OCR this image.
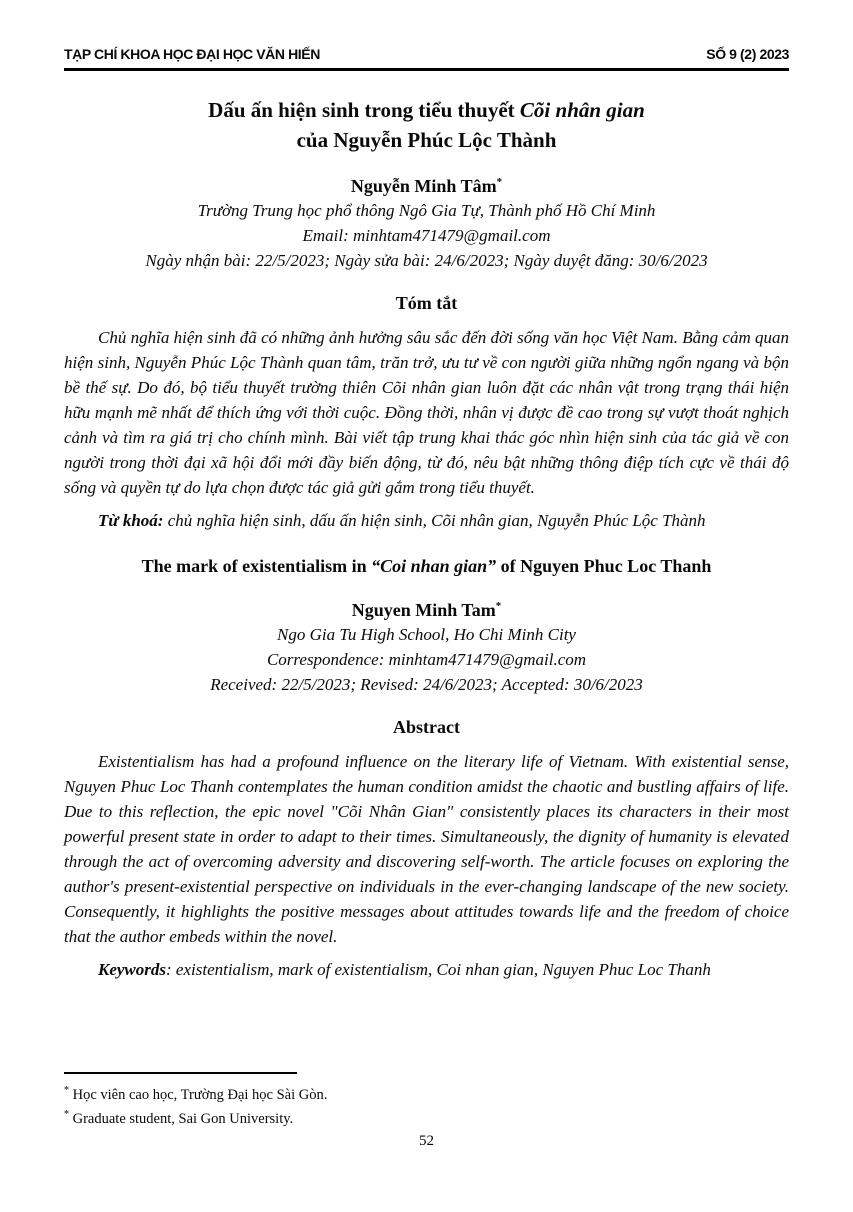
TẠP CHÍ KHOA HỌC ĐẠI HỌC VĂN HIẾN	SỐ 9 (2) 2023
Dấu ấn hiện sinh trong tiểu thuyết Cõi nhân gian
của Nguyễn Phúc Lộc Thành
Nguyễn Minh Tâm*
Trường Trung học phổ thông Ngô Gia Tự, Thành phố Hồ Chí Minh
Email: minhtam471479@gmail.com
Ngày nhận bài: 22/5/2023; Ngày sửa bài: 24/6/2023; Ngày duyệt đăng: 30/6/2023
Tóm tắt

Chủ nghĩa hiện sinh đã có những ảnh hưởng sâu sắc đến đời sống văn học Việt Nam. Bằng cảm quan hiện sinh, Nguyễn Phúc Lộc Thành quan tâm, trăn trở, ưu tư về con người giữa những ngổn ngang và bộn bề thế sự. Do đó, bộ tiểu thuyết trường thiên Cõi nhân gian luôn đặt các nhân vật trong trạng thái hiện hữu mạnh mẽ nhất để thích ứng với thời cuộc. Đồng thời, nhân vị được đề cao trong sự vượt thoát nghịch cảnh và tìm ra giá trị cho chính mình. Bài viết tập trung khai thác góc nhìn hiện sinh của tác giả về con người trong thời đại xã hội đổi mới đầy biến động, từ đó, nêu bật những thông điệp tích cực về thái độ sống và quyền tự do lựa chọn được tác giả gửi gắm trong tiểu thuyết.

Từ khoá: chủ nghĩa hiện sinh, dấu ấn hiện sinh, Cõi nhân gian, Nguyễn Phúc Lộc Thành

The mark of existentialism in “Coi nhan gian” of Nguyen Phuc Loc Thanh
Nguyen Minh Tam*
Ngo Gia Tu High School, Ho Chi Minh City
Correspondence: minhtam471479@gmail.com
Received: 22/5/2023; Revised: 24/6/2023; Accepted: 30/6/2023
Abstract

Existentialism has had a profound influence on the literary life of Vietnam. With existential sense, Nguyen Phuc Loc Thanh contemplates the human condition amidst the chaotic and bustling affairs of life. Due to this reflection, the epic novel "Cõi Nhân Gian" consistently places its characters in their most powerful present state in order to adapt to their times. Simultaneously, the dignity of humanity is elevated through the act of overcoming adversity and discovering self-worth. The article focuses on exploring the author's present-existential perspective on individuals in the ever-changing landscape of the new society. Consequently, it highlights the positive messages about attitudes towards life and the freedom of choice that the author embeds within the novel.

Keywords: existentialism, mark of existentialism, Coi nhan gian, Nguyen Phuc Loc Thanh

* Học viên cao học, Trường Đại học Sài Gòn.
* Graduate student, Sai Gon University.
52
